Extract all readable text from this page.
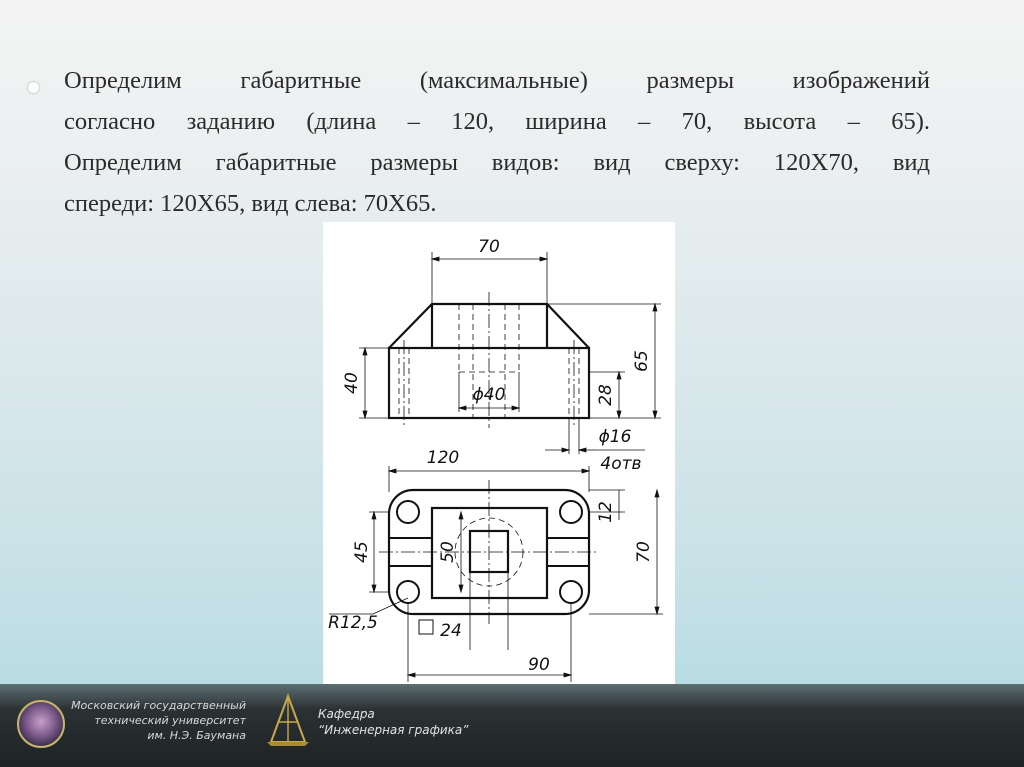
Определим габаритные (максимальные) размеры изображений
согласно заданию (длина – 120, ширина – 70, высота – 65).
Определим габаритные размеры видов: вид сверху: 120Х70, вид
спереди: 120Х65, вид слева: 70Х65.
70
40
ϕ40	28
65
ϕ16
4отв
120
45	50
12
70
R12,5	24
90
Московский государственный
технический университет
им. Н.Э. Баумана
Кафедра
“Инженерная графика”
